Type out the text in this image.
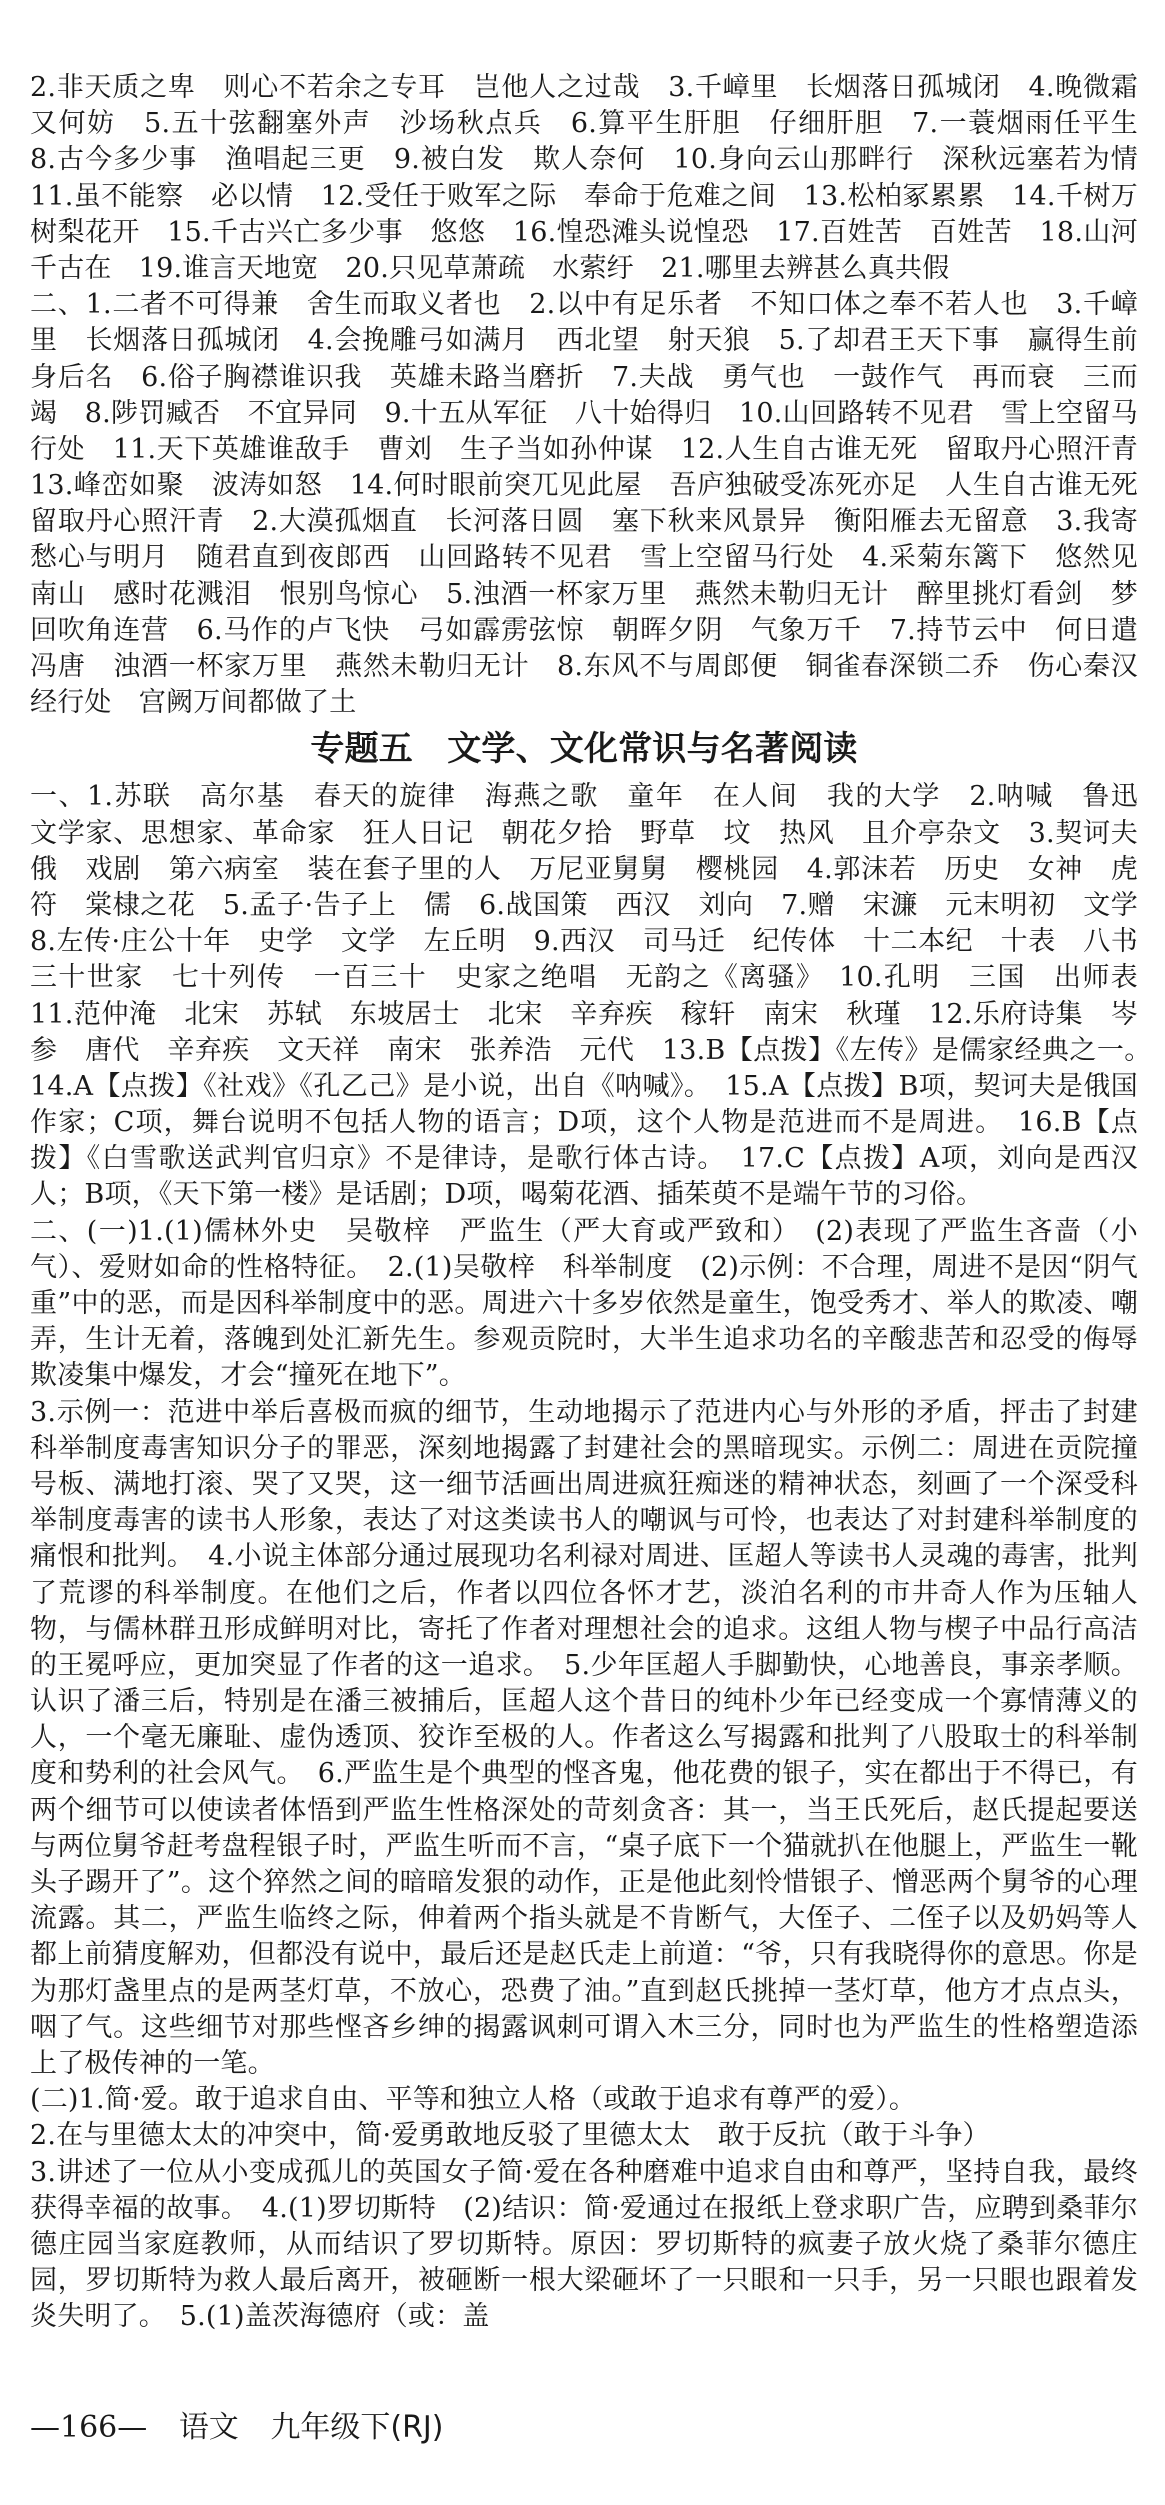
2.非天质之卑　则心不若余之专耳　岂他人之过哉　3.千嶂里　长烟落日孤城闭　4.晚微霜　又何妨　5.五十弦翻塞外声　沙场秋点兵　6.算平生肝胆　仔细肝胆　7.一蓑烟雨任平生　8.古今多少事　渔唱起三更　9.被白发　欺人奈何　10.身向云山那畔行　深秋远塞若为情　11.虽不能察　必以情　12.受任于败军之际　奉命于危难之间　13.松柏冢累累　14.千树万树梨花开　15.千古兴亡多少事　悠悠　16.惶恐滩头说惶恐　17.百姓苦　百姓苦　18.山河千古在　19.谁言天地宽　20.只见草萧疏　水萦纡　21.哪里去辨甚么真共假

二、1.二者不可得兼　舍生而取义者也　2.以中有足乐者　不知口体之奉不若人也　3.千嶂里　长烟落日孤城闭　4.会挽雕弓如满月　西北望　射天狼　5.了却君王天下事　赢得生前身后名　6.俗子胸襟谁识我　英雄未路当磨折　7.夫战　勇气也　一鼓作气　再而衰　三而竭　8.陟罚臧否　不宜异同　9.十五从军征　八十始得归　10.山回路转不见君　雪上空留马行处　11.天下英雄谁敌手　曹刘　生子当如孙仲谋　12.人生自古谁无死　留取丹心照汗青　13.峰峦如聚　波涛如怒　14.何时眼前突兀见此屋　吾庐独破受冻死亦足　人生自古谁无死　留取丹心照汗青　2.大漠孤烟直　长河落日圆　塞下秋来风景异　衡阳雁去无留意　3.我寄愁心与明月　随君直到夜郎西　山回路转不见君　雪上空留马行处　4.采菊东篱下　悠然见南山　感时花溅泪　恨别鸟惊心　5.浊酒一杯家万里　燕然未勒归无计　醉里挑灯看剑　梦回吹角连营　6.马作的卢飞快　弓如霹雳弦惊　朝晖夕阴　气象万千　7.持节云中　何日遣冯唐　浊酒一杯家万里　燕然未勒归无计　8.东风不与周郎便　铜雀春深锁二乔　伤心秦汉经行处　宫阙万间都做了土

专题五　文学、文化常识与名著阅读

一、1.苏联　高尔基　春天的旋律　海燕之歌　童年　在人间　我的大学　2.呐喊　鲁迅　文学家、思想家、革命家　狂人日记　朝花夕拾　野草　坟　热风　且介亭杂文　3.契诃夫　俄　戏剧　第六病室　装在套子里的人　万尼亚舅舅　樱桃园　4.郭沫若　历史　女神　虎符　棠棣之花　5.孟子·告子上　儒　6.战国策　西汉　刘向　7.赠　宋濂　元末明初　文学　8.左传·庄公十年　史学　文学　左丘明　9.西汉　司马迁　纪传体　十二本纪　十表　八书　三十世家　七十列传　一百三十　史家之绝唱　无韵之《离骚》　10.孔明　三国　出师表　11.范仲淹　北宋　苏轼　东坡居士　北宋　辛弃疾　稼轩　南宋　秋瑾　12.乐府诗集　岑参　唐代　辛弃疾　文天祥　南宋　张养浩　元代　13.B【点拨】《左传》是儒家经典之一。　14.A【点拨】《社戏》《孔乙己》是小说，出自《呐喊》。　15.A【点拨】B项，契诃夫是俄国作家；C项，舞台说明不包括人物的语言；D项，这个人物是范进而不是周进。　16.B【点拨】《白雪歌送武判官归京》不是律诗，是歌行体古诗。　17.C【点拨】A项，刘向是西汉人；B项，《天下第一楼》是话剧；D项，喝菊花酒、插茱萸不是端午节的习俗。

二、(一)1.(1)儒林外史　吴敬梓　严监生（严大育或严致和）　(2)表现了严监生吝啬（小气）、爱财如命的性格特征。　2.(1)吴敬梓　科举制度　(2)示例：不合理，周进不是因“阴气重”中的恶，而是因科举制度中的恶。周进六十多岁依然是童生，饱受秀才、举人的欺凌、嘲弄，生计无着，落魄到处汇新先生。参观贡院时，大半生追求功名的辛酸悲苦和忍受的侮辱欺凌集中爆发，才会“撞死在地下”。

3.示例一：范进中举后喜极而疯的细节，生动地揭示了范进内心与外形的矛盾，抨击了封建科举制度毒害知识分子的罪恶，深刻地揭露了封建社会的黑暗现实。示例二：周进在贡院撞号板、满地打滚、哭了又哭，这一细节活画出周进疯狂痴迷的精神状态，刻画了一个深受科举制度毒害的读书人形象，表达了对这类读书人的嘲讽与可怜，也表达了对封建科举制度的痛恨和批判。　4.小说主体部分通过展现功名利禄对周进、匡超人等读书人灵魂的毒害，批判了荒谬的科举制度。在他们之后，作者以四位各怀才艺，淡泊名利的市井奇人作为压轴人物，与儒林群丑形成鲜明对比，寄托了作者对理想社会的追求。这组人物与楔子中品行高洁的王冕呼应，更加突显了作者的这一追求。　5.少年匡超人手脚勤快，心地善良，事亲孝顺。认识了潘三后，特别是在潘三被捕后，匡超人这个昔日的纯朴少年已经变成一个寡情薄义的人，一个毫无廉耻、虚伪透顶、狡诈至极的人。作者这么写揭露和批判了八股取士的科举制度和势利的社会风气。　6.严监生是个典型的悭吝鬼，他花费的银子，实在都出于不得已，有两个细节可以使读者体悟到严监生性格深处的苛刻贪吝：其一，当王氏死后，赵氏提起要送与两位舅爷赶考盘程银子时，严监生听而不言，“桌子底下一个猫就扒在他腿上，严监生一靴头子踢开了”。这个猝然之间的暗暗发狠的动作，正是他此刻怜惜银子、憎恶两个舅爷的心理流露。其二，严监生临终之际，伸着两个指头就是不肯断气，大侄子、二侄子以及奶妈等人都上前猜度解劝，但都没有说中，最后还是赵氏走上前道：“爷，只有我晓得你的意思。你是为那灯盏里点的是两茎灯草，不放心，恐费了油。”直到赵氏挑掉一茎灯草，他方才点点头，咽了气。这些细节对那些悭吝乡绅的揭露讽刺可谓入木三分，同时也为严监生的性格塑造添上了极传神的一笔。

(二)1.简·爱。敢于追求自由、平等和独立人格（或敢于追求有尊严的爱）。

2.在与里德太太的冲突中，简·爱勇敢地反驳了里德太太　敢于反抗（敢于斗争）

3.讲述了一位从小变成孤儿的英国女子简·爱在各种磨难中追求自由和尊严，坚持自我，最终获得幸福的故事。　4.(1)罗切斯特　(2)结识：简·爱通过在报纸上登求职广告，应聘到桑菲尔德庄园当家庭教师，从而结识了罗切斯特。原因：罗切斯特的疯妻子放火烧了桑菲尔德庄园，罗切斯特为救人最后离开，被砸断一根大梁砸坏了一只眼和一只手，另一只眼也跟着发炎失明了。　5.(1)盖茨海德府（或：盖

—166— 语文 九年级下(RJ)
